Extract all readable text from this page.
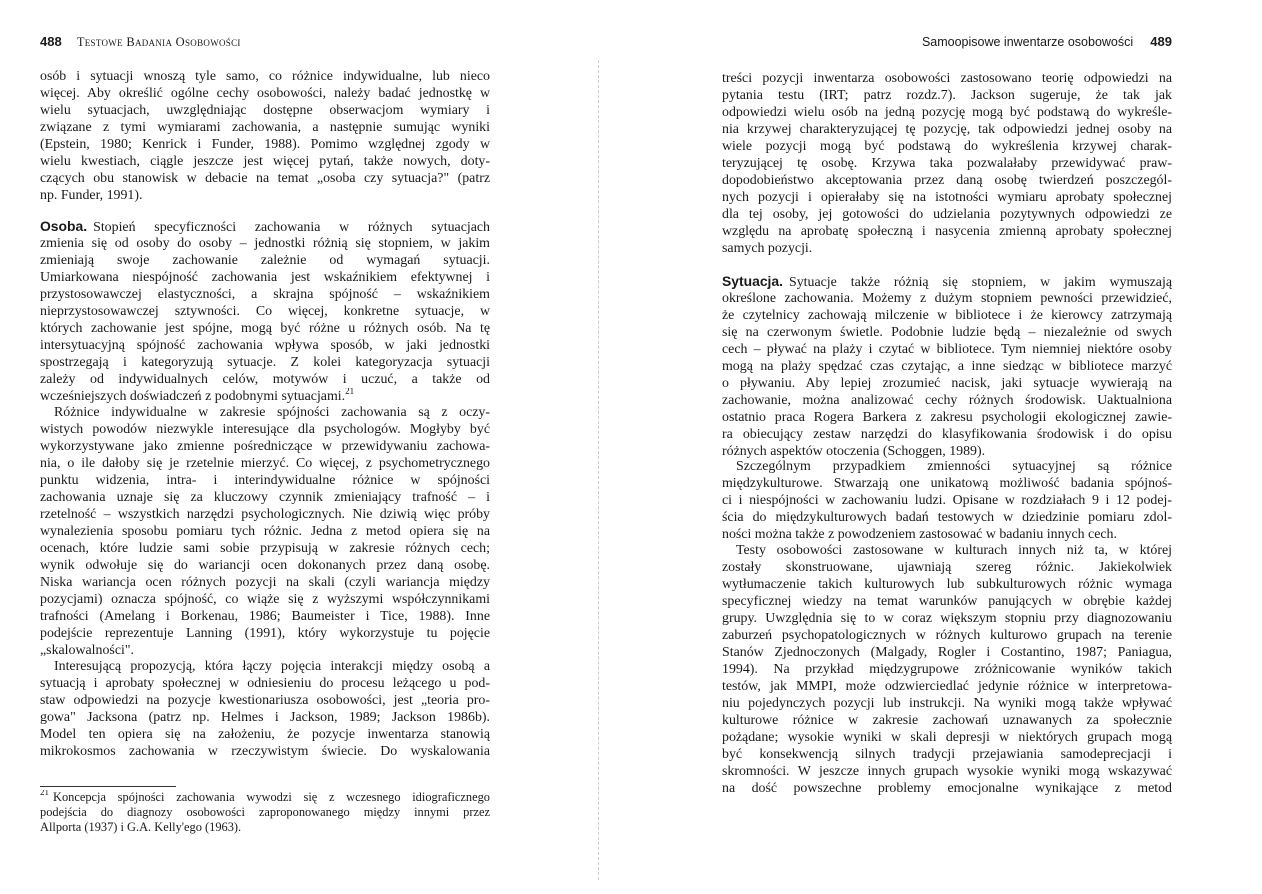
488 Testowe Badania Osobowości
osób i sytuacji wnoszą tyle samo, co różnice indywidualne, lub nieco
więcej. Aby określić ogólne cechy osobowości, należy badać jednostkę w
wielu sytuacjach, uwzględniając dostępne obserwacjom wymiary i
związane z tymi wymiarami zachowania, a następnie sumując wyniki
(Epstein, 1980; Kenrick i Funder, 1988). Pomimo względnej zgody w
wielu kwestiach, ciągle jeszcze jest więcej pytań, także nowych, doty-
czących obu stanowisk w debacie na temat „osoba czy sytuacja?" (patrz
np. Funder, 1991).
Osoba. Stopień specyficzności zachowania w różnych sytuacjach
zmienia się od osoby do osoby – jednostki różnią się stopniem, w jakim
zmieniają swoje zachowanie zależnie od wymagań sytuacji.
Umiarkowana niespójność zachowania jest wskaźnikiem efektywnej i
przystosowawczej elastyczności, a skrajna spójność – wskaźnikiem
nieprzystosowawczej sztywności. Co więcej, konkretne sytuacje, w
których zachowanie jest spójne, mogą być różne u różnych osób. Na tę
intersytuacyjną spójność zachowania wpływa sposób, w jaki jednostki
spostrzegają i kategoryzują sytuacje. Z kolei kategoryzacja sytuacji
zależy od indywidualnych celów, motywów i uczuć, a także od
wcześniejszych doświadczeń z podobnymi sytuacjami.$^{21}$
Różnice indywidualne w zakresie spójności zachowania są z oczy-
wistych powodów niezwykle interesujące dla psychologów. Mogłyby być
wykorzystywane jako zmienne pośredniczące w przewidywaniu zachowa-
nia, o ile dałoby się je rzetelnie mierzyć. Co więcej, z psychometrycznego
punktu widzenia, intra- i interindywidualne różnice w spójności
zachowania uznaje się za kluczowy czynnik zmieniający trafność – i
rzetelność – wszystkich narzędzi psychologicznych. Nie dziwią więc próby
wynalezienia sposobu pomiaru tych różnic. Jedna z metod opiera się na
ocenach, które ludzie sami sobie przypisują w zakresie różnych cech;
wynik odwołuje się do wariancji ocen dokonanych przez daną osobę.
Niska wariancja ocen różnych pozycji na skali (czyli wariancja między
pozycjami) oznacza spójność, co wiąże się z wyższymi współczynnikami
trafności (Amelang i Borkenau, 1986; Baumeister i Tice, 1988). Inne
podejście reprezentuje Lanning (1991), który wykorzystuje tu pojęcie
„skalowalności".
Interesującą propozycją, która łączy pojęcia interakcji między osobą a
sytuacją i aprobaty społecznej w odniesieniu do procesu leżącego u pod-
staw odpowiedzi na pozycje kwestionariusza osobowości, jest „teoria pro-
gowa" Jacksona (patrz np. Helmes i Jackson, 1989; Jackson 1986b).
Model ten opiera się na założeniu, że pozycje inwentarza stanowią
mikrokosmos zachowania w rzeczywistym świecie. Do wyskalowania
$^{21}$ Koncepcja spójności zachowania wywodzi się z wczesnego idiograficznego
podejścia do diagnozy osobowości zaproponowanego między innymi przez
Allporta (1937) i G.A. Kelly'ego (1963).
Samoopisowe inwentarze osobowości 489
treści pozycji inwentarza osobowości zastosowano teorię odpowiedzi na
pytania testu (IRT; patrz rozdz.7). Jackson sugeruje, że tak jak
odpowiedzi wielu osób na jedną pozycję mogą być podstawą do wykreśle-
nia krzywej charakteryzującej tę pozycję, tak odpowiedzi jednej osoby na
wiele pozycji mogą być podstawą do wykreślenia krzywej charak-
teryzującej tę osobę. Krzywa taka pozwalałaby przewidywać praw-
dopodobieństwo akceptowania przez daną osobę twierdzeń poszczegól-
nych pozycji i opierałaby się na istotności wymiaru aprobaty społecznej
dla tej osoby, jej gotowości do udzielania pozytywnych odpowiedzi ze
względu na aprobatę społeczną i nasycenia zmienną aprobaty społecznej
samych pozycji.
Sytuacja. Sytuacje także różnią się stopniem, w jakim wymuszają
określone zachowania. Możemy z dużym stopniem pewności przewidzieć,
że czytelnicy zachowają milczenie w bibliotece i że kierowcy zatrzymają
się na czerwonym świetle. Podobnie ludzie będą – niezależnie od swych
cech – pływać na plaży i czytać w bibliotece. Tym niemniej niektóre osoby
mogą na plaży spędzać czas czytając, a inne siedząc w bibliotece marzyć
o pływaniu. Aby lepiej zrozumieć nacisk, jaki sytuacje wywierają na
zachowanie, można analizować cechy różnych środowisk. Uaktualniona
ostatnio praca Rogera Barkera z zakresu psychologii ekologicznej zawie-
ra obiecujący zestaw narzędzi do klasyfikowania środowisk i do opisu
różnych aspektów otoczenia (Schoggen, 1989).
Szczególnym przypadkiem zmienności sytuacyjnej są różnice
międzykulturowe. Stwarzają one unikatową możliwość badania spójnoś-
ci i niespójności w zachowaniu ludzi. Opisane w rozdziałach 9 i 12 podej-
ścia do międzykulturowych badań testowych w dziedzinie pomiaru zdol-
ności można także z powodzeniem zastosować w badaniu innych cech.
Testy osobowości zastosowane w kulturach innych niż ta, w której
zostały skonstruowane, ujawniają szereg różnic. Jakiekolwiek
wytłumaczenie takich kulturowych lub subkulturowych różnic wymaga
specyficznej wiedzy na temat warunków panujących w obrębie każdej
grupy. Uwzględnia się to w coraz większym stopniu przy diagnozowaniu
zaburzeń psychopatologicznych w różnych kulturowo grupach na terenie
Stanów Zjednoczonych (Malgady, Rogler i Costantino, 1987; Paniagua,
1994). Na przykład międzygrupowe zróżnicowanie wyników takich
testów, jak MMPI, może odzwierciedlać jedynie różnice w interpretowa-
niu pojedynczych pozycji lub instrukcji. Na wyniki mogą także wpływać
kulturowe różnice w zakresie zachowań uznawanych za społecznie
pożądane; wysokie wyniki w skali depresji w niektórych grupach mogą
być konsekwencją silnych tradycji przejawiania samodeprecjacji i
skromności. W jeszcze innych grupach wysokie wyniki mogą wskazywać
na dość powszechne problemy emocjonalne wynikające z metod
